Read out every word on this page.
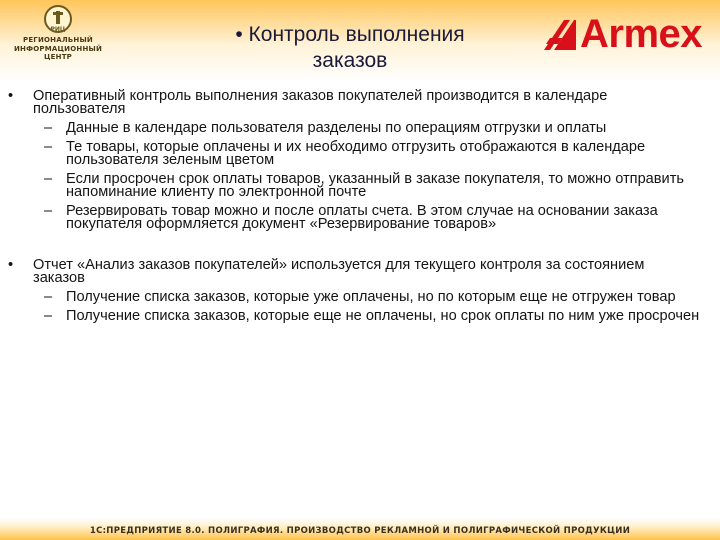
РИЦ
РЕГИОНАЛЬНЫЙ
ИНФОРМАЦИОННЫЙ
ЦЕНТР
• Контроль выполнения
заказов
Armex
• Оперативный контроль выполнения заказов покупателей производится в календаре пользователя
– Данные в календаре пользователя разделены по операциям отгрузки и оплаты
– Те товары, которые оплачены и их необходимо отгрузить отображаются в календаре пользователя зеленым цветом
– Если просрочен срок оплаты товаров, указанный в заказе покупателя, то можно отправить напоминание клиенту по электронной почте
– Резервировать товар можно и после оплаты счета. В этом случае на основании заказа покупателя оформляется документ «Резервирование товаров»
• Отчет «Анализ заказов покупателей» используется для текущего контроля за состоянием заказов
– Получение списка заказов, которые уже оплачены, но по которым еще не отгружен товар
– Получение списка заказов, которые еще не оплачены, но срок оплаты по ним уже просрочен
1С:ПРЕДПРИЯТИЕ 8.0. ПОЛИГРАФИЯ. ПРОИЗВОДСТВО РЕКЛАМНОЙ И ПОЛИГРАФИЧЕСКОЙ ПРОДУКЦИИ
